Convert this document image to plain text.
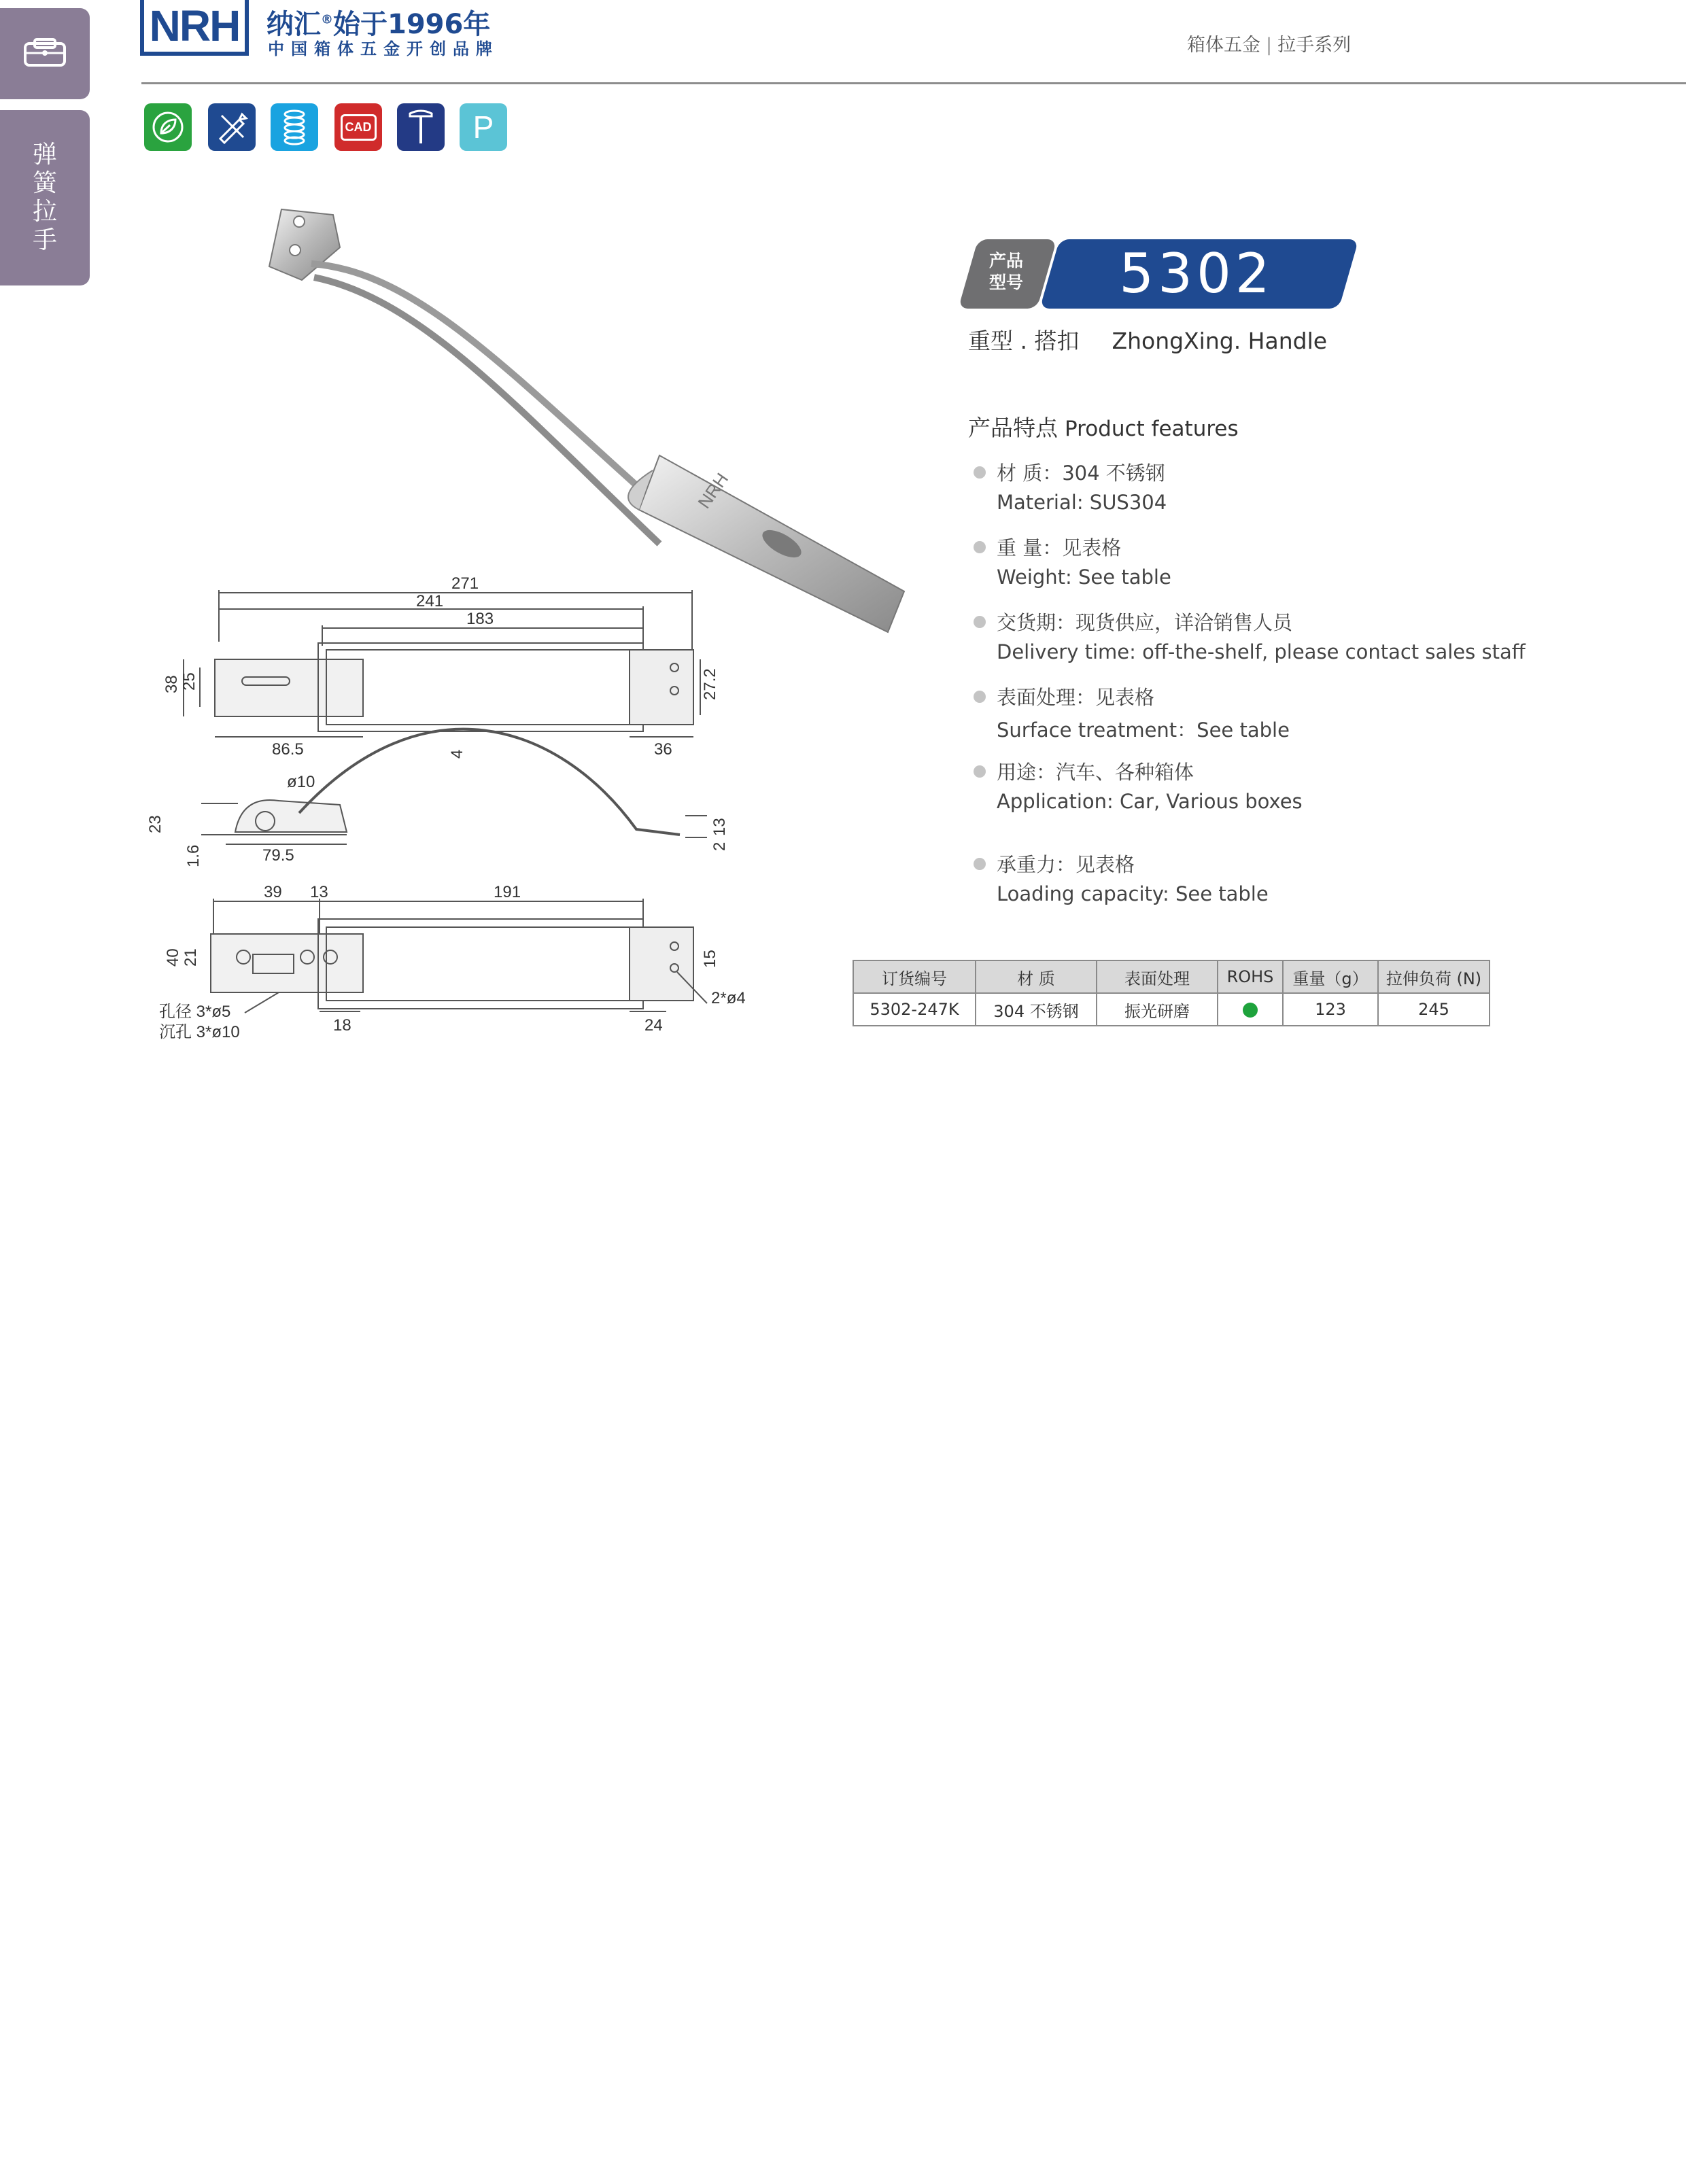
弹
簧
拉
手
NRH 纳汇®始于1996年
中国箱体五金开创品牌	箱体五金 | 拉手系列
CAD	P
NRH
271
241
183
38 25	27.2
86.5	36
ø10
4
23
1.6	79.5	2
13
39 13	191
40 21	15
18	24
2*ø4
孔径 3*ø5
沉孔 3*ø10
产品
型号	5302
重型 . 搭扣 ZhongXing. Handle
产品特点 Product features
材 质：304 不锈钢
Material: SUS304
重 量：见表格
Weight: See table
交货期：现货供应，详洽销售人员
Delivery time: off-the-shelf, please contact sales staff
表面处理：见表格
Surface treatment：See table
用途：汽车、各种箱体
Application: Car, Various boxes
承重力：见表格
Loading capacity: See table
订货编号	材 质	表面处理	ROHS	重量（g）	拉伸负荷 (N)
5302-247K	304 不锈钢	振光研磨		123	245
